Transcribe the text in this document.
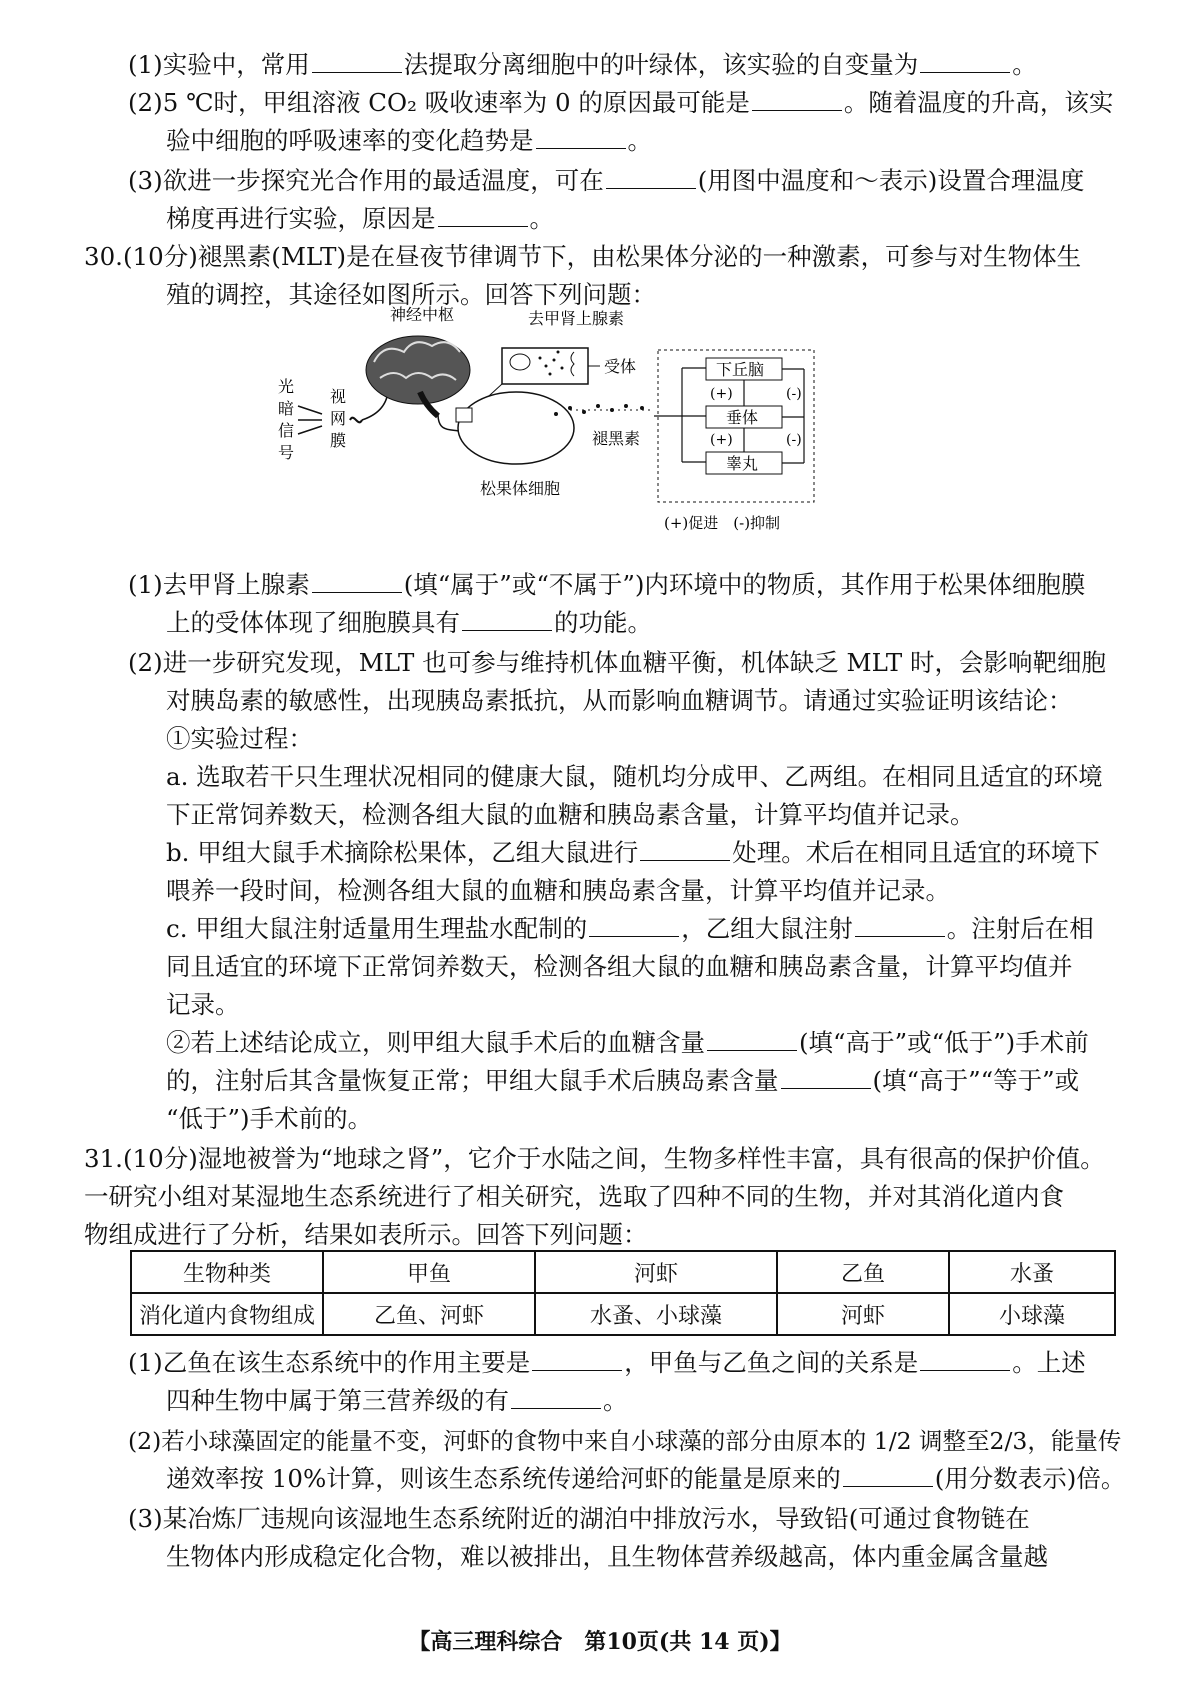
(1)实验中，常用	法提取分离细胞中的叶绿体，该实验的自变量为	。
(2)5 ℃时，甲组溶液 CO₂ 吸收速率为 0 的原因最可能是	。随着温度的升高，该实
验中细胞的呼吸速率的变化趋势是	。
(3)欲进一步探究光合作用的最适温度，可在	(用图中温度和～表示)设置合理温度
梯度再进行实验，原因是	。
30.(10分)褪黑素(MLT)是在昼夜节律调节下，由松果体分泌的一种激素，可参与对生物体生
殖的调控，其途径如图所示。回答下列问题：
光
暗
信
号
视
网
膜
神经中枢	去甲肾上腺素
受体
松果体细胞
褪黑素
下丘脑
垂体
睾丸
(+)	(-)
(+)	(-)
(+)促进　(-)抑制
(1)去甲肾上腺素	(填“属于”或“不属于”)内环境中的物质，其作用于松果体细胞膜
上的受体体现了细胞膜具有	的功能。
(2)进一步研究发现，MLT 也可参与维持机体血糖平衡，机体缺乏 MLT 时，会影响靶细胞
对胰岛素的敏感性，出现胰岛素抵抗，从而影响血糖调节。请通过实验证明该结论：
①实验过程：
a. 选取若干只生理状况相同的健康大鼠，随机均分成甲、乙两组。在相同且适宜的环境
下正常饲养数天，检测各组大鼠的血糖和胰岛素含量，计算平均值并记录。
b. 甲组大鼠手术摘除松果体，乙组大鼠进行	处理。术后在相同且适宜的环境下
喂养一段时间，检测各组大鼠的血糖和胰岛素含量，计算平均值并记录。
c. 甲组大鼠注射适量用生理盐水配制的	，乙组大鼠注射	。注射后在相
同且适宜的环境下正常饲养数天，检测各组大鼠的血糖和胰岛素含量，计算平均值并
记录。
②若上述结论成立，则甲组大鼠手术后的血糖含量	(填“高于”或“低于”)手术前
的，注射后其含量恢复正常；甲组大鼠手术后胰岛素含量	(填“高于”“等于”或
“低于”)手术前的。
31.(10分)湿地被誉为“地球之肾”，它介于水陆之间，生物多样性丰富，具有很高的保护价值。
一研究小组对某湿地生态系统进行了相关研究，选取了四种不同的生物，并对其消化道内食
生物种类	甲鱼	河虾	乙鱼	水蚤
消化道内食物组成	乙鱼、河虾	水蚤、小球藻	河虾	小球藻
物组成进行了分析，结果如表所示。回答下列问题：
(1)乙鱼在该生态系统中的作用主要是	，甲鱼与乙鱼之间的关系是	。上述
四种生物中属于第三营养级的有	。
(2)若小球藻固定的能量不变，河虾的食物中来自小球藻的部分由原本的 1/2 调整至2/3，能量传
递效率按 10%计算，则该生态系统传递给河虾的能量是原来的	(用分数表示)倍。
(3)某冶炼厂违规向该湿地生态系统附近的湖泊中排放污水，导致铅(可通过食物链在
生物体内形成稳定化合物，难以被排出，且生物体营养级越高，体内重金属含量越
【高三理科综合　第10页(共 14 页)】
